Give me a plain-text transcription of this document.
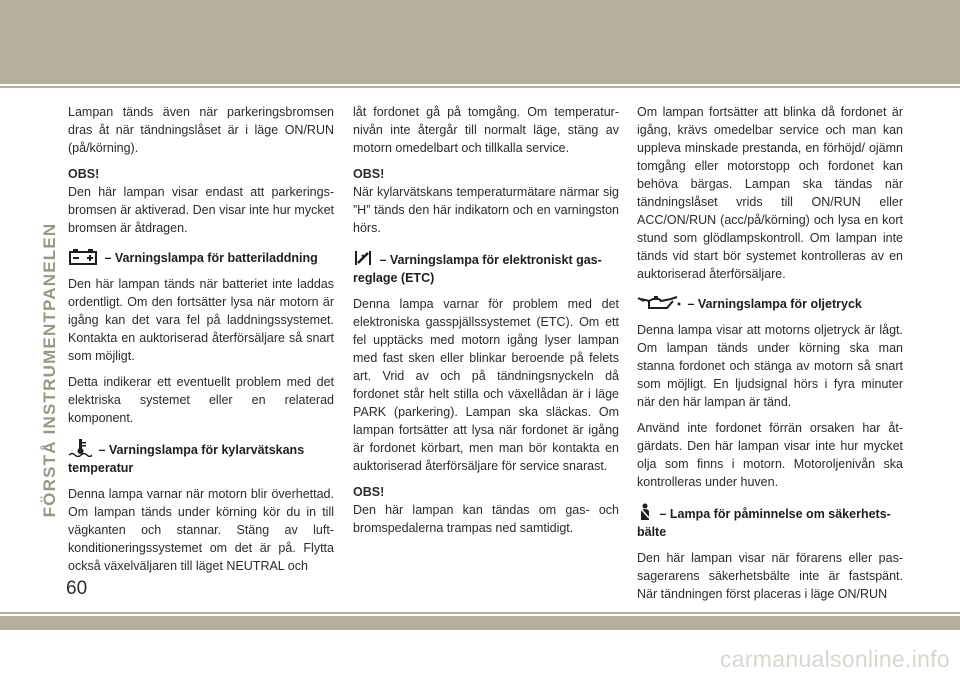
FÖRSTÅ INSTRUMENTPANELEN

Lampan tänds även när parkeringsbromsen dras åt när tändningslåset är i läge ON/RUN (på/körning).

OBS!
Den här lampan visar endast att parkeringsbromsen är aktiverad. Den visar inte hur mycket bromsen är åtdragen.

– Varningslampa för batteriladdning

Den här lampan tänds när batteriet inte laddas ordentligt. Om den fortsätter lysa när motorn är igång kan det vara fel på laddningssystemet. Kontakta en auktoriserad återförsäljare så snart som möjligt.

Detta indikerar ett eventuellt problem med det elektriska systemet eller en relaterad komponent.

– Varningslampa för kylarvätskans temperatur

Denna lampa varnar när motorn blir överhettad. Om lampan tänds under körning kör du in till vägkanten och stannar. Stäng av luftkonditioneringssystemet om det är på. Flytta också växelväljaren till läget NEUTRAL och

låt fordonet gå på tomgång. Om temperaturnivån inte återgår till normalt läge, stäng av motorn omedelbart och tillkalla service.

OBS!
När kylarvätskans temperaturmätare närmar sig ”H” tänds den här indikatorn och en varningston hörs.

– Varningslampa för elektroniskt gasreglage (ETC)

Denna lampa varnar för problem med det elektroniska gasspjällssystemet (ETC). Om ett fel upptäcks med motorn igång lyser lampan med fast sken eller blinkar beroende på felets art. Vrid av och på tändningsnyckeln då fordonet står helt stilla och växellådan är i läge PARK (parkering). Lampan ska släckas. Om lampan fortsätter att lysa när fordonet är igång är fordonet körbart, men man bör kontakta en auktoriserad återförsäljare för service snarast.

OBS!
Den här lampan kan tändas om gas- och bromspedalerna trampas ned samtidigt.

Om lampan fortsätter att blinka då fordonet är igång, krävs omedelbar service och man kan uppleva minskade prestanda, en förhöjd/ ojämn tomgång eller motorstopp och fordonet kan behöva bärgas. Lampan ska tändas när tändningslåset vrids till ON/RUN eller ACC/ON/RUN (acc/på/körning) och lysa en kort stund som glödlampskontroll. Om lampan inte tänds vid start bör systemet kontrolleras av en auktoriserad återförsäljare.

– Varningslampa för oljetryck

Denna lampa visar att motorns oljetryck är lågt. Om lampan tänds under körning ska man stanna fordonet och stänga av motorn så snart som möjligt. En ljudsignal hörs i fyra minuter när den här lampan är tänd.

Använd inte fordonet förrän orsaken har åtgärdats. Den här lampan visar inte hur mycket olja som finns i motorn. Motoroljenivån ska kontrolleras under huven.

– Lampa för påminnelse om säkerhetsbälte

Den här lampan visar när förarens eller passagerarens säkerhetsbälte inte är fastspänt. När tändningen först placeras i läge ON/RUN

60
carmanualsonline.info
